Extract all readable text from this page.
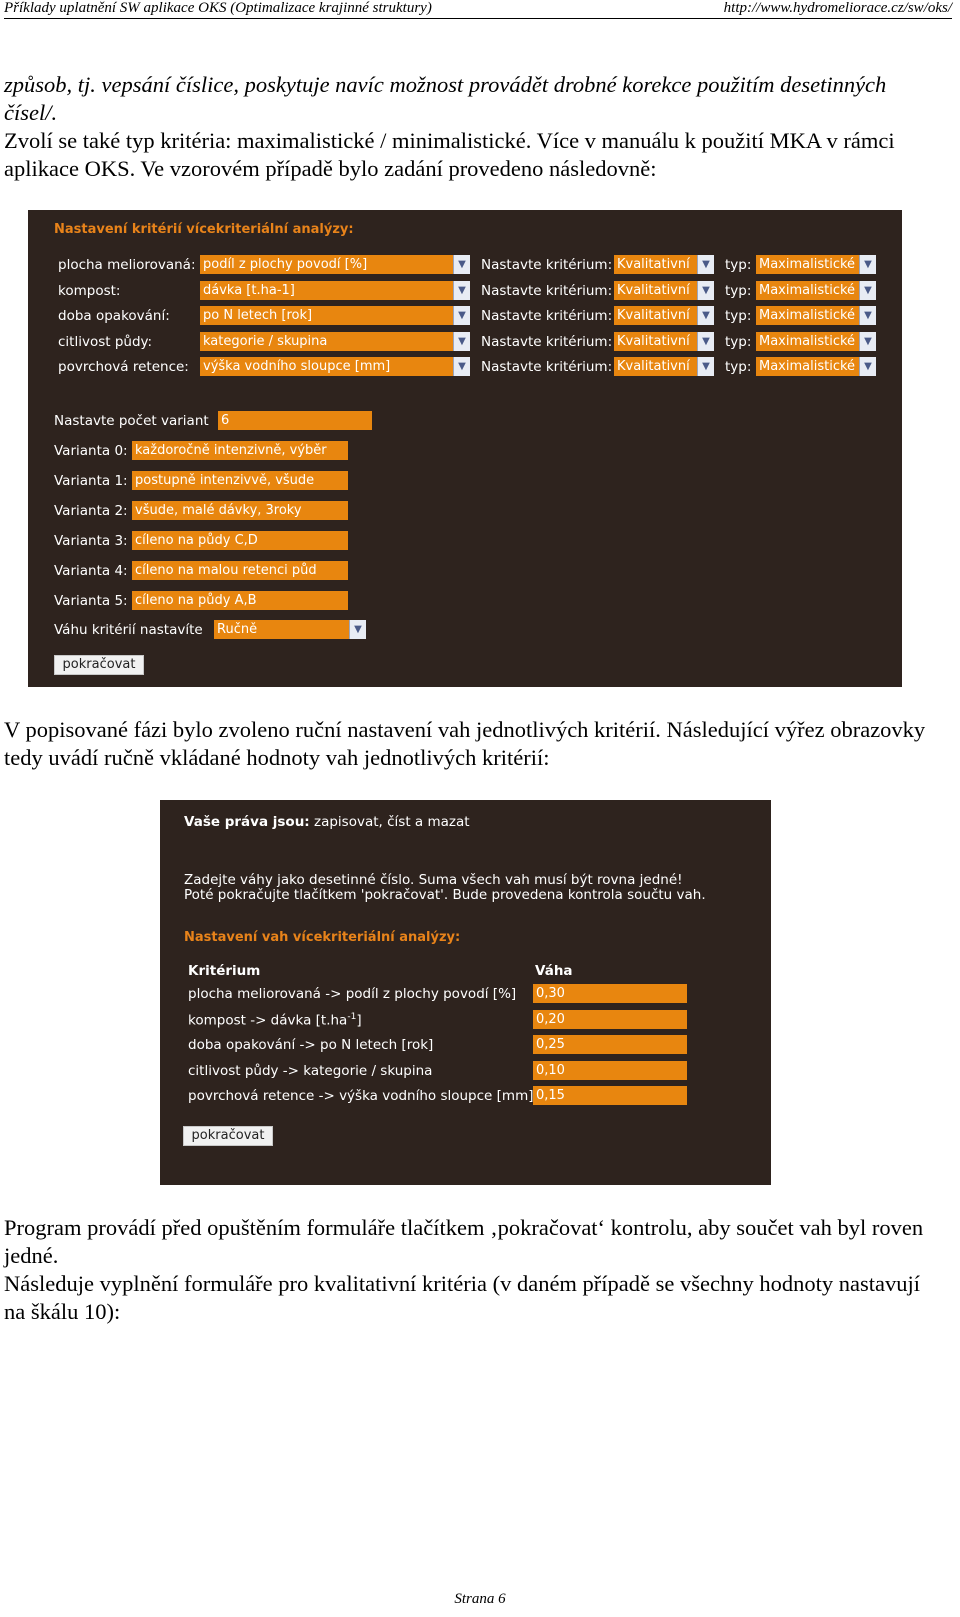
Příklady uplatnění SW aplikace OKS (Optimalizace krajinné struktury)	http://www.hydromeliorace.cz/sw/oks/

způsob, tj. vepsání číslice, poskytuje navíc možnost provádět drobné korekce použitím desetinných čísel/.

Zvolí se také typ kritéria: maximalistické / minimalistické. Více v manuálu k použití MKA v rámci aplikace OKS. Ve vzorovém případě bylo zadání provedeno následovně:

Nastavení kritérií vícekriteriální analýzy:
plocha meliorovaná: podíl z plochy povodí [%]	▼	Nastavte kritérium: Kvalitativní	▼	typ: Maximalistické ▼
kompost:	dávka [t.ha-1]	▼	Nastavte kritérium: Kvalitativní	▼	typ: Maximalistické ▼
doba opakování:	po N letech [rok]	▼	Nastavte kritérium: Kvalitativní	▼	typ: Maximalistické ▼
citlivost půdy:	kategorie / skupina	▼	Nastavte kritérium: Kvalitativní	▼	typ: Maximalistické ▼
povrchová retence: výška vodního sloupce [mm]	▼	Nastavte kritérium: Kvalitativní	▼	typ: Maximalistické ▼
Nastavte počet variant 6
Varianta 0: každoročně intenzivně, výběr
Varianta 1: postupně intenzivvě, všude
Varianta 2: všude, malé dávky, 3roky
Varianta 3: cíleno na půdy C,D
Varianta 4: cíleno na malou retenci půd
Varianta 5: cíleno na půdy A,B
Váhu kritérií nastavíte Ručně	▼
pokračovat

V popisované fázi bylo zvoleno ruční nastavení vah jednotlivých kritérií. Následující výřez obrazovky tedy uvádí ručně vkládané hodnoty vah jednotlivých kritérií:

Vaše práva jsou: zapisovat, číst a mazat
Zadejte váhy jako desetinné číslo. Suma všech vah musí být rovna jedné!
Poté pokračujte tlačítkem 'pokračovat'. Bude provedena kontrola součtu vah.
Nastavení vah vícekriteriální analýzy:
Kritérium	Váha
plocha meliorovaná -> podíl z plochy povodí [%] 0,30
kompost -> dávka $[t.ha^{-1}]$	0,20
doba opakování -> po N letech [rok]	0,25
citlivost půdy -> kategorie / skupina	0,10
povrchová retence -> výška vodního sloupce [mm] 0,15
pokračovat

Program provádí před opuštěním formuláře tlačítkem ‚pokračovat‘ kontrolu, aby součet vah byl roven jedné.

Následuje vyplnění formuláře pro kvalitativní kritéria (v daném případě se všechny hodnoty nastavují na škálu 10):

Strana 6
